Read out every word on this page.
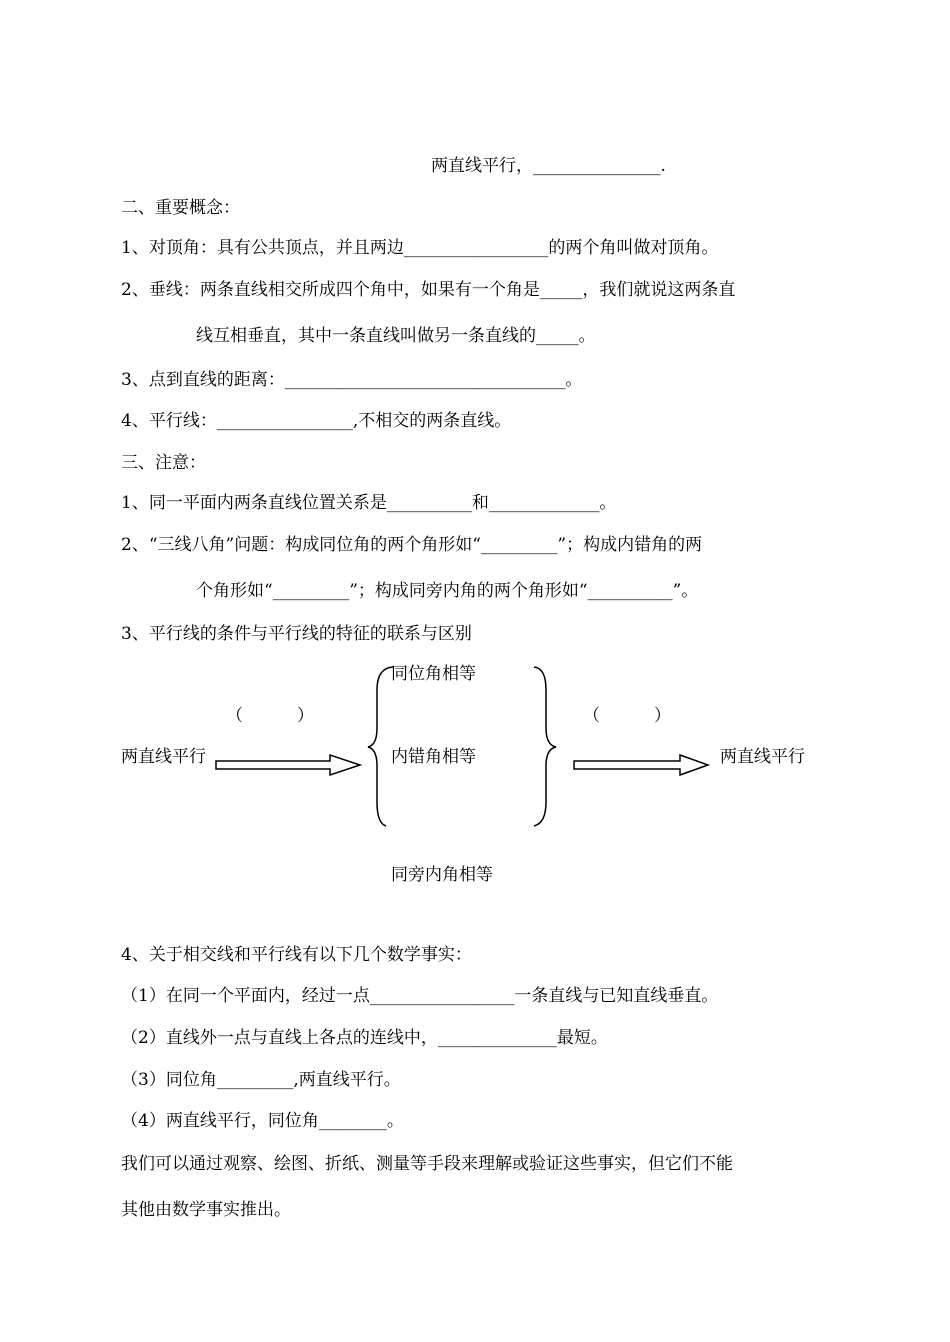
两直线平行，_______________.
二、重要概念：
1、对顶角：具有公共顶点，并且两边_________________的两个角叫做对顶角。
2、垂线：两条直线相交所成四个角中，如果有一个角是_____，我们就说这两条直
线互相垂直，其中一条直线叫做另一条直线的_____。
3、点到直线的距离：_________________________________。
4、平行线：________________,不相交的两条直线。
三、注意：
1、同一平面内两条直线位置关系是__________和_____________。
2、“三线八角”问题：构成同位角的两个角形如“_________”；构成内错角的两
个角形如“_________”；构成同旁内角的两个角形如“__________”。
3、平行线的条件与平行线的特征的联系与区别
两直线平行	两直线平行
（          ）	（          ）
同位角相等
内错角相等
同旁内角相等
4、关于相交线和平行线有以下几个数学事实：
（1）在同一个平面内，经过一点_________________一条直线与已知直线垂直。
（2）直线外一点与直线上各点的连线中，______________最短。
（3）同位角_________,两直线平行。
（4）两直线平行，同位角________。
我们可以通过观察、绘图、折纸、测量等手段来理解或验证这些事实，但它们不能
其他由数学事实推出。
